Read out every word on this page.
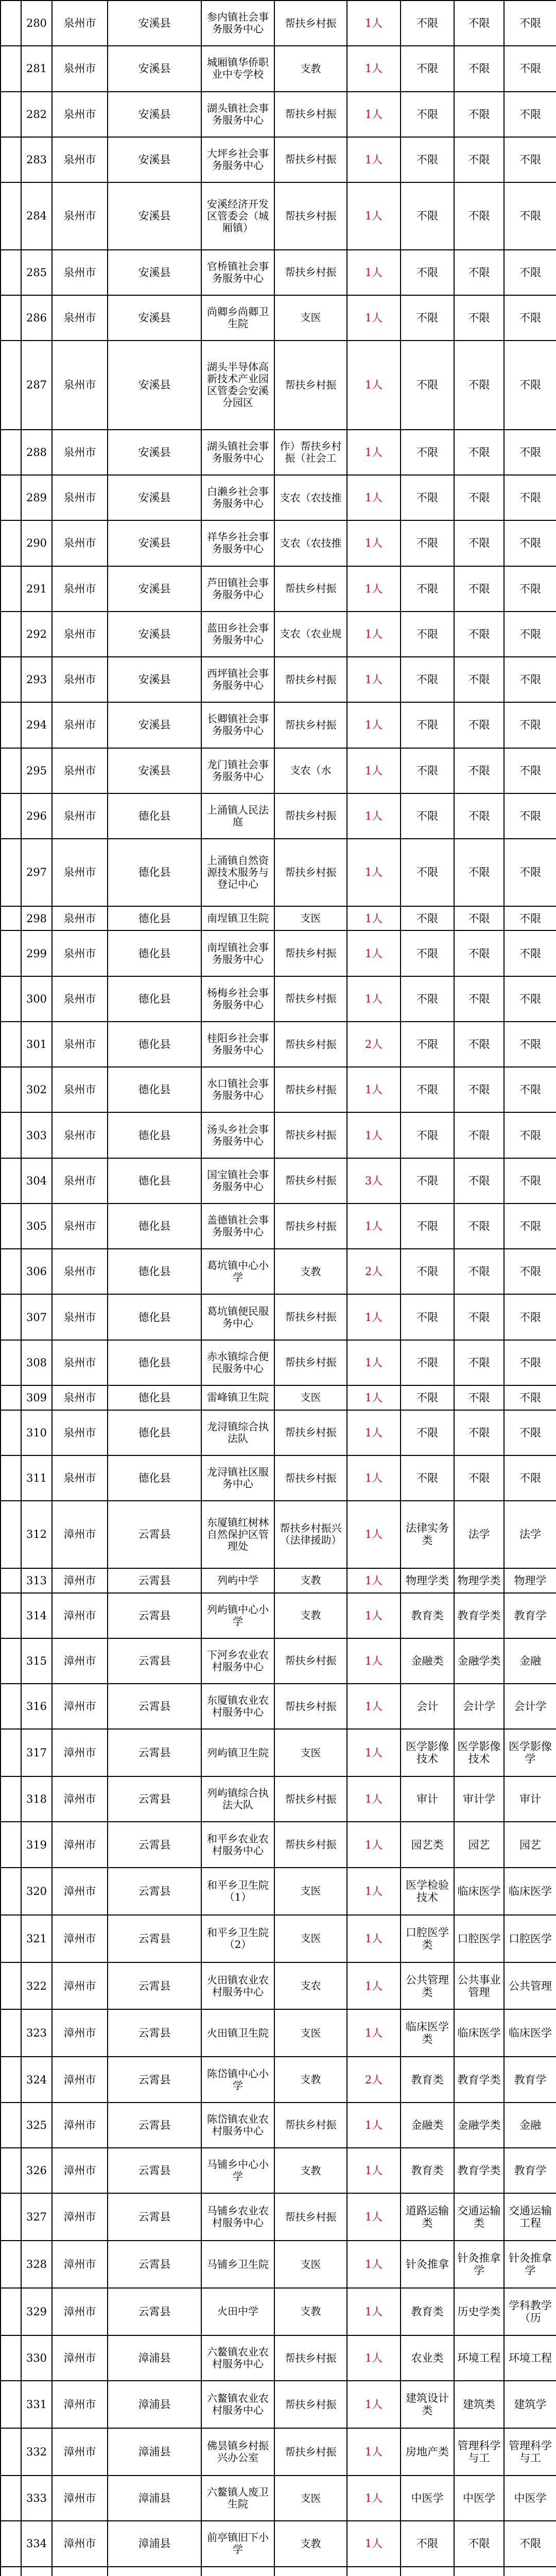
	280	泉州市	安溪县	参内镇社会事务服务中心	帮扶乡村振	1人	不限	不限	不限
	281	泉州市	安溪县	城厢镇华侨职业中专学校	支教	1人	不限	不限	不限
	282	泉州市	安溪县	湖头镇社会事务服务中心	帮扶乡村振	1人	不限	不限	不限
	283	泉州市	安溪县	大坪乡社会事务服务中心	帮扶乡村振	1人	不限	不限	不限
	284	泉州市	安溪县	安溪经济开发区管委会（城厢镇）	帮扶乡村振	1人	不限	不限	不限
	285	泉州市	安溪县	官桥镇社会事务服务中心	帮扶乡村振	1人	不限	不限	不限
	286	泉州市	安溪县	尚卿乡尚卿卫生院	支医	1人	不限	不限	不限
	287	泉州市	安溪县	湖头半导体高新技术产业园区管委会安溪分园区	帮扶乡村振	1人	不限	不限	不限
	288	泉州市	安溪县	湖头镇社会事务服务中心	作）帮扶乡村振（社会工	1人	不限	不限	不限
	289	泉州市	安溪县	白濑乡社会事务服务中心	支农（农技推	1人	不限	不限	不限
	290	泉州市	安溪县	祥华乡社会事务服务中心	支农（农技推	1人	不限	不限	不限
	291	泉州市	安溪县	芦田镇社会事务服务中心	帮扶乡村振	1人	不限	不限	不限
	292	泉州市	安溪县	蓝田乡社会事务服务中心	支农（农业规	1人	不限	不限	不限
	293	泉州市	安溪县	西坪镇社会事务服务中心	帮扶乡村振	1人	不限	不限	不限
	294	泉州市	安溪县	长卿镇社会事务服务中心	帮扶乡村振	1人	不限	不限	不限
	295	泉州市	安溪县	龙门镇社会事务服务中心	支农（水	1人	不限	不限	不限
	296	泉州市	德化县	上涌镇人民法庭	帮扶乡村振	1人	不限	不限	不限
	297	泉州市	德化县	上涌镇自然资源技术服务与登记中心	帮扶乡村振	1人	不限	不限	不限
	298	泉州市	德化县	南埕镇卫生院	支医	1人	不限	不限	不限
	299	泉州市	德化县	南埕镇社会事务服务中心	帮扶乡村振	1人	不限	不限	不限
	300	泉州市	德化县	杨梅乡社会事务服务中心	帮扶乡村振	1人	不限	不限	不限
	301	泉州市	德化县	桂阳乡社会事务服务中心	帮扶乡村振	2人	不限	不限	不限
	302	泉州市	德化县	水口镇社会事务服务中心	帮扶乡村振	1人	不限	不限	不限
	303	泉州市	德化县	汤头乡社会事务服务中心	帮扶乡村振	1人	不限	不限	不限
	304	泉州市	德化县	国宝镇社会事务服务中心	帮扶乡村振	3人	不限	不限	不限
	305	泉州市	德化县	盖德镇社会事务服务中心	帮扶乡村振	1人	不限	不限	不限
	306	泉州市	德化县	葛坑镇中心小学	支教	2人	不限	不限	不限
	307	泉州市	德化县	葛坑镇便民服务中心	帮扶乡村振	1人	不限	不限	不限
	308	泉州市	德化县	赤水镇综合便民服务中心	帮扶乡村振	1人	不限	不限	不限
	309	泉州市	德化县	雷峰镇卫生院	支医	1人	不限	不限	不限
	310	泉州市	德化县	龙浔镇综合执法队	帮扶乡村振	1人	不限	不限	不限
	311	泉州市	德化县	龙浔镇社区服务中心	帮扶乡村振	1人	不限	不限	不限
	312	漳州市	云霄县	东厦镇红树林自然保护区管理处	帮扶乡村振兴（法律援助）	1人	法律实务类	法学	法学
	313	漳州市	云霄县	列屿中学	支教	1人	物理学类	物理学类	物理学
	314	漳州市	云霄县	列屿镇中心小学	支教	1人	教育类	教育学类	教育学
	315	漳州市	云霄县	下河乡农业农村服务中心	帮扶乡村振	1人	金融类	金融学类	金融
	316	漳州市	云霄县	东厦镇农业农村服务中心	帮扶乡村振	1人	会计	会计学	会计学
	317	漳州市	云霄县	列屿镇卫生院	支医	1人	医学影像技术	医学影像技术	医学影像学
	318	漳州市	云霄县	列屿镇综合执法大队	帮扶乡村振	1人	审计	审计学	审计
	319	漳州市	云霄县	和平乡农业农村服务中心	帮扶乡村振	1人	园艺类	园艺	园艺
	320	漳州市	云霄县	和平乡卫生院（1）	支医	1人	医学检验技术	临床医学	临床医学
	321	漳州市	云霄县	和平乡卫生院（2）	支医	1人	口腔医学类	口腔医学	口腔医学
	322	漳州市	云霄县	火田镇农业农村服务中心	支农	1人	公共管理类	公共事业管理	公共管理
	323	漳州市	云霄县	火田镇卫生院	支医	1人	临床医学类	临床医学	临床医学
	324	漳州市	云霄县	陈岱镇中心小学	支教	2人	教育类	教育学类	教育学
	325	漳州市	云霄县	陈岱镇农业农村服务中心	帮扶乡村振	1人	金融类	金融学类	金融
	326	漳州市	云霄县	马铺乡中心小学	支教	1人	教育类	教育学类	教育学
	327	漳州市	云霄县	马铺乡农业农村服务中心	帮扶乡村振	1人	道路运输类	交通运输类	交通运输工程
	328	漳州市	云霄县	马铺乡卫生院	支医	1人	针灸推拿	针灸推拿学	针灸推拿学
	329	漳州市	云霄县	火田中学	支教	1人	教育类	历史学类	学科教学（历
	330	漳州市	漳浦县	六鳌镇农业农村服务中心	帮扶乡村振	1人	农业类	环境工程	环境工程
	331	漳州市	漳浦县	六鳌镇农业农村服务中心	帮扶乡村振	1人	建筑设计类	建筑类	建筑学
	332	漳州市	漳浦县	佛昙镇乡村振兴办公室	帮扶乡村振	1人	房地产类	管理科学与工	管理科学与工
	333	漳州市	漳浦县	六鳌镇人废卫生院	支医	1人	中医学	中医学	中医学
	334	漳州市	漳浦县	前亭镇旧下小学	支教	1人	不限	不限	不限
